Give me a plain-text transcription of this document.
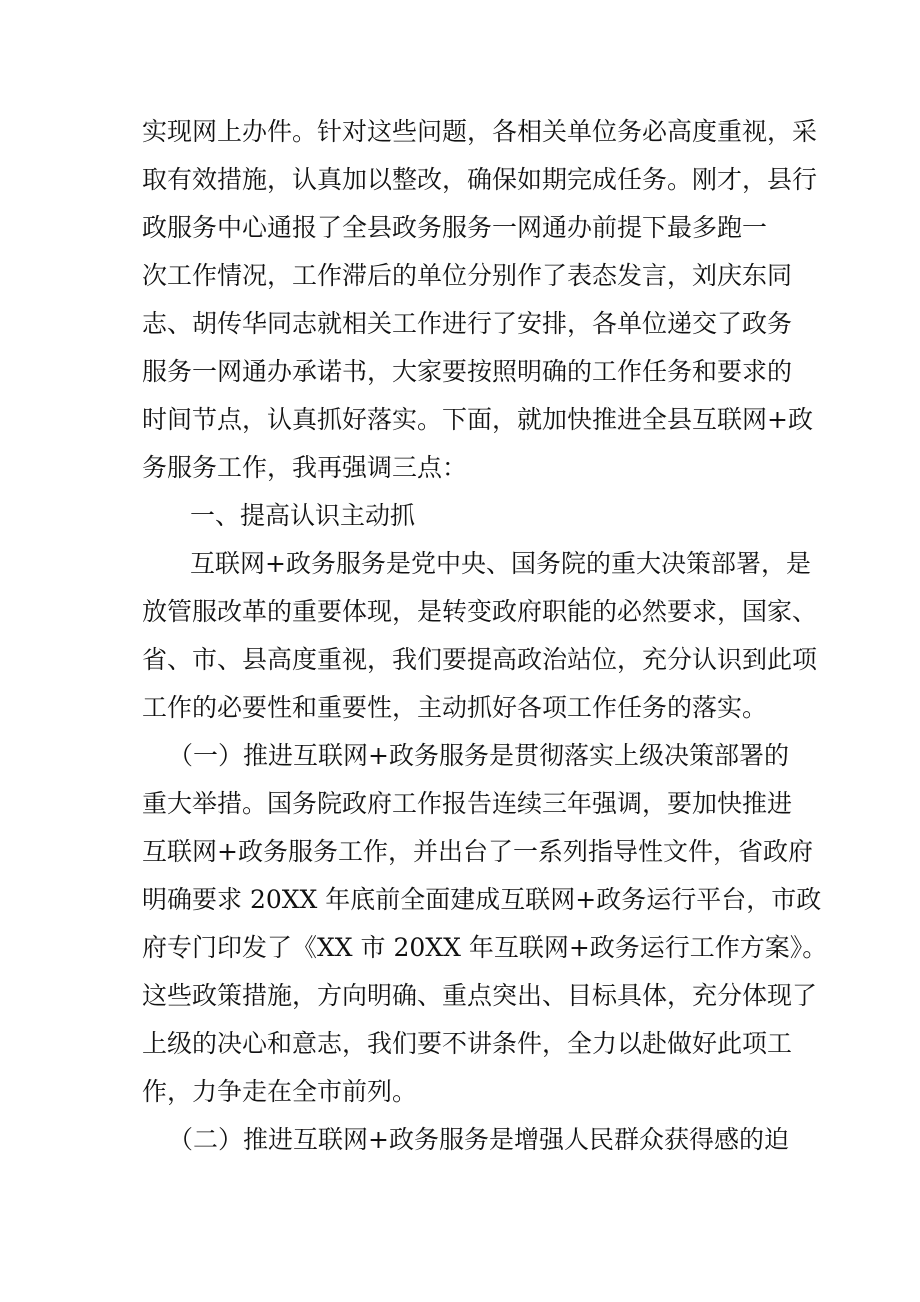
实现网上办件。针对这些问题，各相关单位务必高度重视，采
取有效措施，认真加以整改，确保如期完成任务。刚才，县行
政服务中心通报了全县政务服务一网通办前提下最多跑一
次工作情况，工作滞后的单位分别作了表态发言，刘庆东同
志、胡传华同志就相关工作进行了安排，各单位递交了政务
服务一网通办承诺书，大家要按照明确的工作任务和要求的
时间节点，认真抓好落实。下面，就加快推进全县互联网+政
务服务工作，我再强调三点：
一、提高认识主动抓
互联网+政务服务是党中央、国务院的重大决策部署，是
放管服改革的重要体现，是转变政府职能的必然要求，国家、
省、市、县高度重视，我们要提高政治站位，充分认识到此项
工作的必要性和重要性，主动抓好各项工作任务的落实。
（一）推进互联网+政务服务是贯彻落实上级决策部署的
重大举措。国务院政府工作报告连续三年强调，要加快推进
互联网+政务服务工作，并出台了一系列指导性文件，省政府
明确要求 20XX 年底前全面建成互联网+政务运行平台，市政
府专门印发了《XX 市 20XX 年互联网+政务运行工作方案》。
这些政策措施，方向明确、重点突出、目标具体，充分体现了
上级的决心和意志，我们要不讲条件，全力以赴做好此项工
作，力争走在全市前列。
（二）推进互联网+政务服务是增强人民群众获得感的迫
